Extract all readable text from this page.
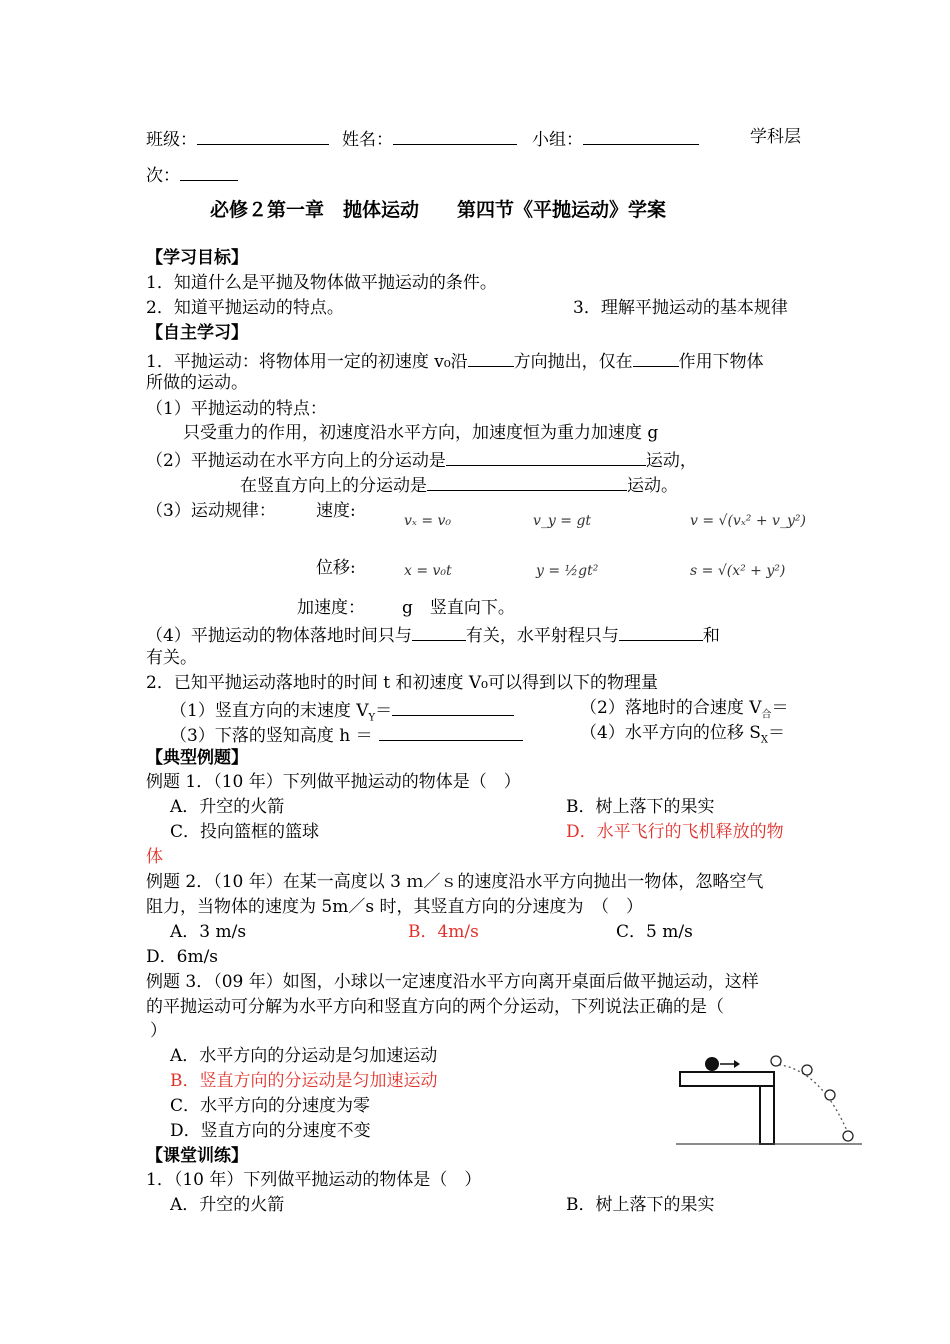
班级：	姓名：	小组：	学科层
次：
必修２第一章　抛体运动　　第四节《平抛运动》学案
【学习目标】
1．知道什么是平抛及物体做平抛运动的条件。
2．知道平抛运动的特点。	3．理解平抛运动的基本规律
【自主学习】
1．平抛运动：将物体用一定的初速度 v₀沿	方向抛出，仅在	作用下物体
所做的运动。
（1）平抛运动的特点：
只受重力的作用，初速度沿水平方向，加速度恒为重力加速度 g
（2）平抛运动在水平方向上的分运动是	运动，
在竖直方向上的分运动是	运动。
（3）运动规律： 速度:	vₓ = v₀	v_y = gt	v = √(vₓ² + v_y²)
位移:	x = v₀t	y = ½gt²	s = √(x² + y²)
加速度： g　竖直向下。
（4）平抛运动的物体落地时间只与	有关，水平射程只与	和
有关。
2．已知平抛运动落地时的时间 t 和初速度 V₀可以得到以下的物理量
（1）竖直方向的末速度 $V_Y=$	（2）落地时的合速度 $V_合=$
（3）下落的竖知高度 h ＝	（4）水平方向的位移 $S_X=$
【典型例题】
例题 1．（10 年）下列做平抛运动的物体是（　）
A．升空的火箭	B．树上落下的果实
C．投向篮框的篮球	D．水平飞行的飞机释放的物
体
例题 2．（10 年）在某一高度以 3 ｍ／ｓ的速度沿水平方向抛出一物体，忽略空气
阻力，当物体的速度为 5m／s 时，其竖直方向的分速度为　（　）
A．3 m/s	B．4m/s	C．5 m/s
D．6m/s
例题 3．（09 年）如图，小球以一定速度沿水平方向离开桌面后做平抛运动，这样
的平抛运动可分解为水平方向和竖直方向的两个分运动，下列说法正确的是（
）
A．水平方向的分运动是匀加速运动
B．竖直方向的分运动是匀加速运动
C．水平方向的分速度为零
D．竖直方向的分速度不变
【课堂训练】
1．（10 年）下列做平抛运动的物体是（　）
A．升空的火箭	B．树上落下的果实
